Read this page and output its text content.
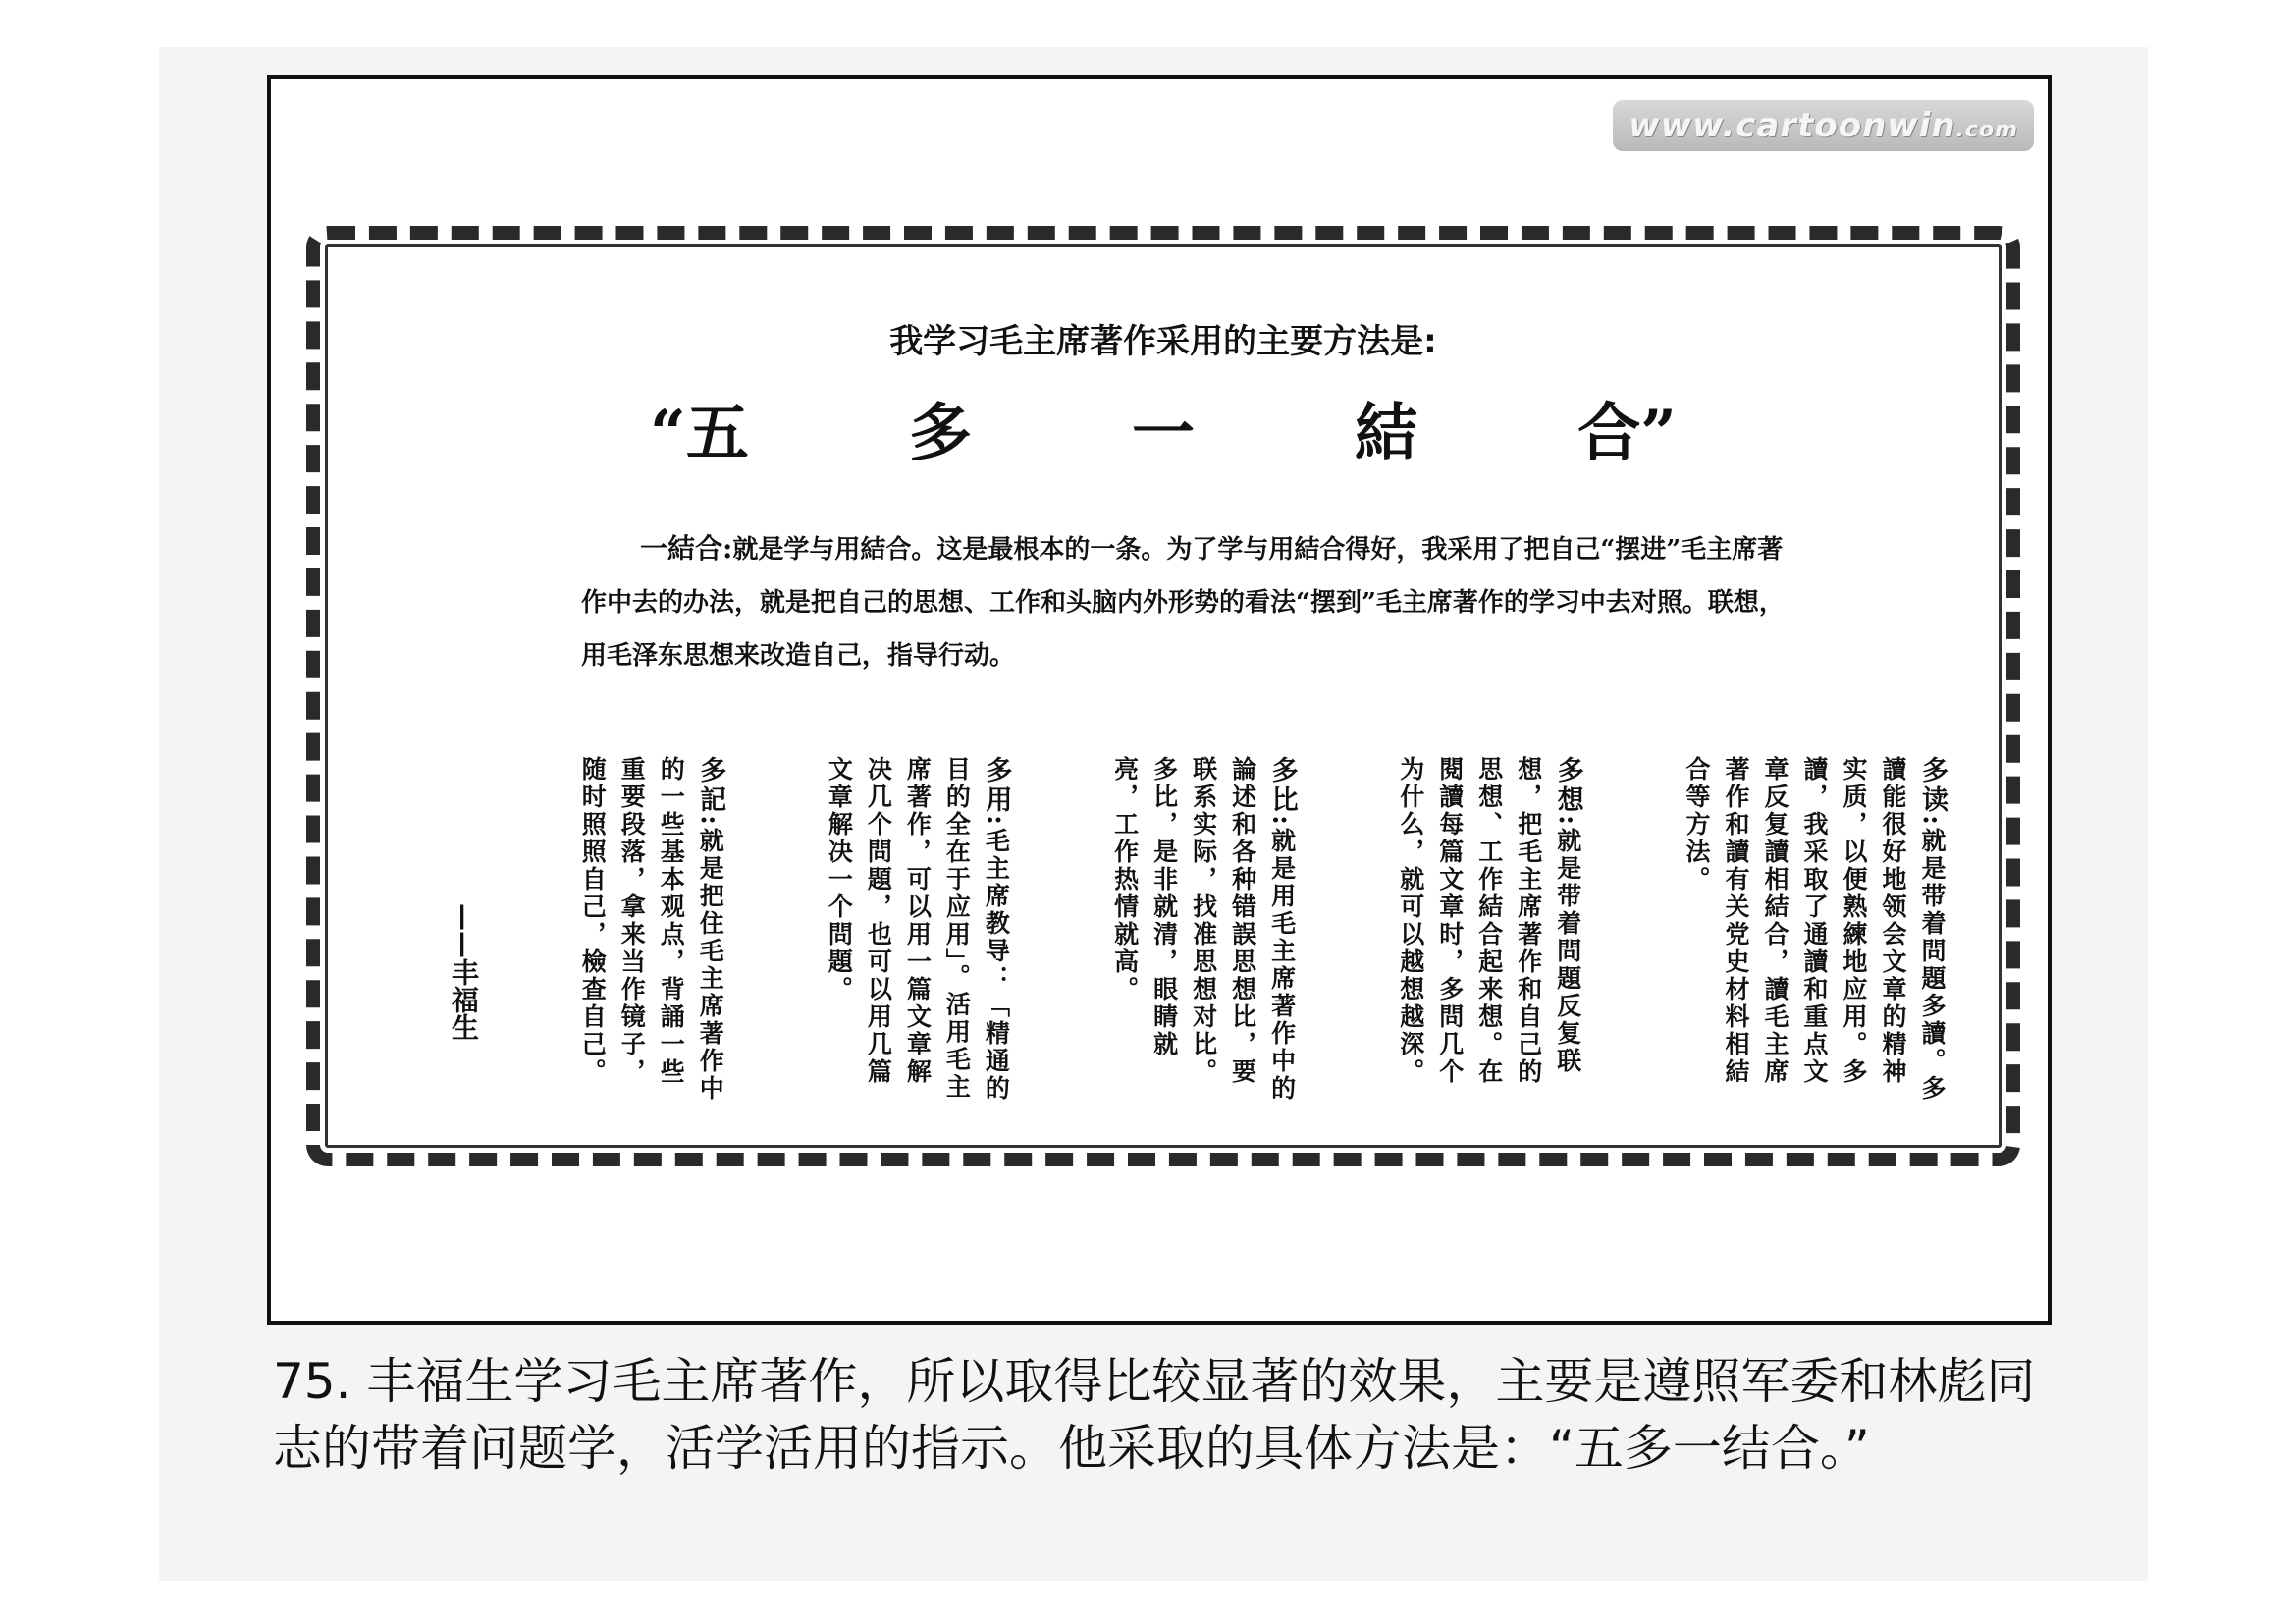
www.cartoonwin.com
我学习毛主席著作采用的主要方法是:
“五	多	一	結	合”
一結合:就是学与用結合。这是最根本的一条。为了学与用結合得好，我采用了把自己“摆进”毛主席著作中去的办法，就是把自己的思想、工作和头脑内外形势的看法“摆到”毛主席著作的学习中去对照。联想，用毛泽东思想来改造自己，指导行动。
多读:就是带着問題多讀。多讀能很好地领会文章的精神实质，以便熟練地应用。多讀，我采取了通讀和重点文章反复讀相結合，讀毛主席著作和讀有关党史材料相結合等方法。
多想:就是带着問題反复联想，把毛主席著作和自己的思想、工作結合起来想。在閱讀每篇文章时，多問几个为什么，就可以越想越深。
多比:就是用毛主席著作中的論述和各种错誤思想比，要联系实际，找准思想对比。多比，是非就清，眼睛就亮，工作热情就高。
多用:毛主席教导：「精通的目的全在于应用」。活用毛主席著作，可以用一篇文章解决几个問題，也可以用几篇文章解决一个問題。
多記:就是把住毛主席著作中的一些基本观点，背誦一些重要段落，拿来当作镜子，随时照照自己，檢查自己。
——丰福生
75. 丰福生学习毛主席著作，所以取得比较显著的效果，主要是遵照军委和林彪同志的带着问题学，活学活用的指示。他采取的具体方法是：“五多一结合。”
